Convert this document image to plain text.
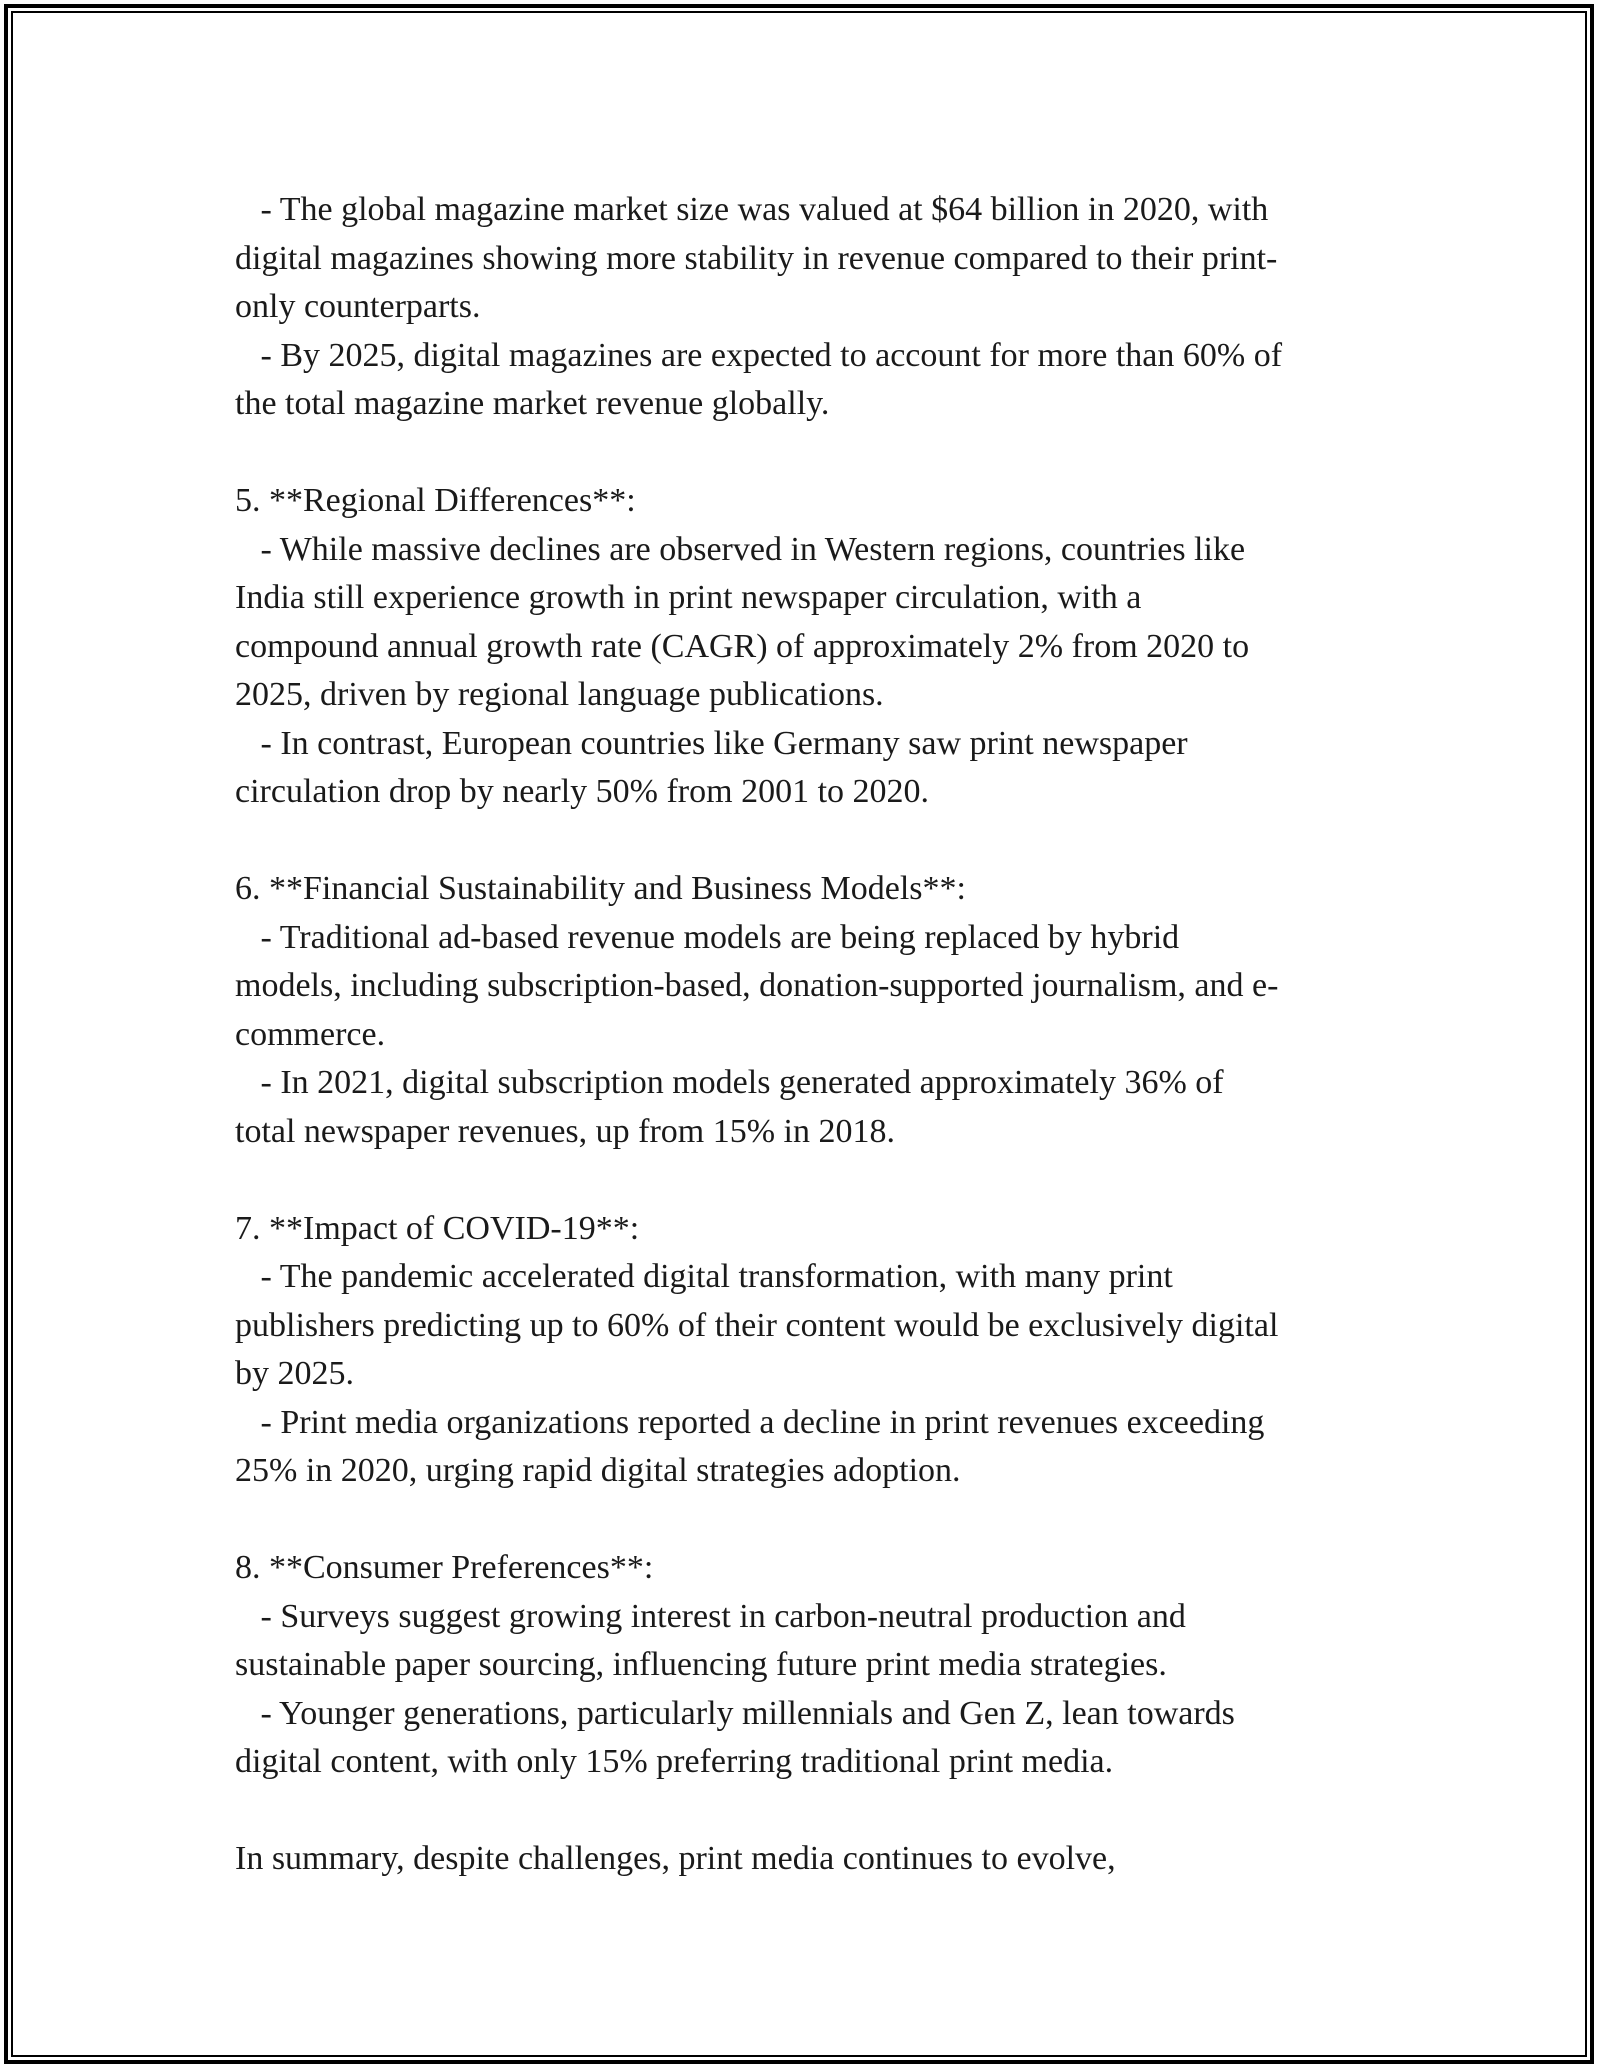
- The global magazine market size was valued at $64 billion in 2020, with
digital magazines showing more stability in revenue compared to their print-
only counterparts.
- By 2025, digital magazines are expected to account for more than 60% of
the total magazine market revenue globally.
5. **Regional Differences**:
- While massive declines are observed in Western regions, countries like
India still experience growth in print newspaper circulation, with a
compound annual growth rate (CAGR) of approximately 2% from 2020 to
2025, driven by regional language publications.
- In contrast, European countries like Germany saw print newspaper
circulation drop by nearly 50% from 2001 to 2020.
6. **Financial Sustainability and Business Models**:
- Traditional ad-based revenue models are being replaced by hybrid
models, including subscription-based, donation-supported journalism, and e-
commerce.
- In 2021, digital subscription models generated approximately 36% of
total newspaper revenues, up from 15% in 2018.
7. **Impact of COVID-19**:
- The pandemic accelerated digital transformation, with many print
publishers predicting up to 60% of their content would be exclusively digital
by 2025.
- Print media organizations reported a decline in print revenues exceeding
25% in 2020, urging rapid digital strategies adoption.
8. **Consumer Preferences**:
- Surveys suggest growing interest in carbon-neutral production and
sustainable paper sourcing, influencing future print media strategies.
- Younger generations, particularly millennials and Gen Z, lean towards
digital content, with only 15% preferring traditional print media.
In summary, despite challenges, print media continues to evolve,
